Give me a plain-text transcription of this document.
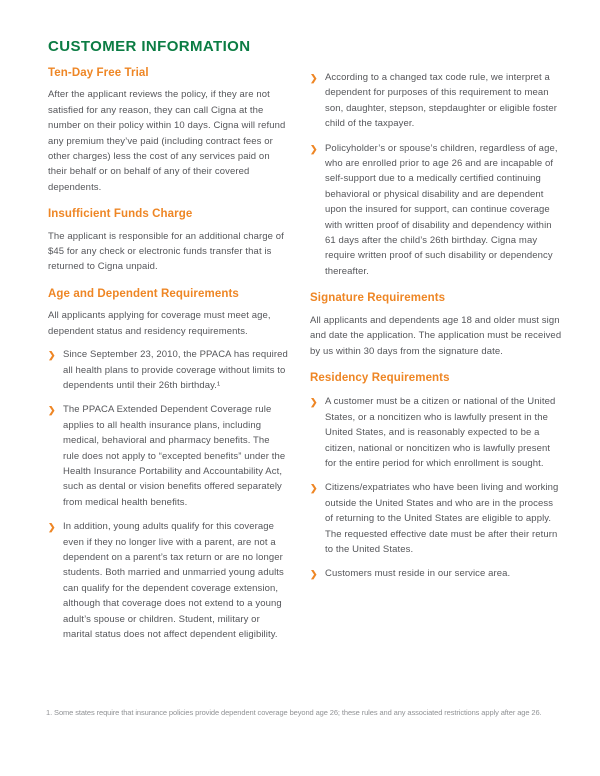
CUSTOMER INFORMATION
Ten-Day Free Trial

After the applicant reviews the policy, if they are not satisfied for any reason, they can call Cigna at the number on their policy within 10 days. Cigna will refund any premium they’ve paid (including contract fees or other charges) less the cost of any services paid on their behalf or on behalf of any of their covered dependents.

Insufficient Funds Charge

The applicant is responsible for an additional charge of $45 for any check or electronic funds transfer that is returned to Cigna unpaid.

Age and Dependent Requirements

All applicants applying for coverage must meet age, dependent status and residency requirements.

❯ Since September 23, 2010, the PPACA has required all health plans to provide coverage without limits to dependents until their 26th birthday.¹
❯ The PPACA Extended Dependent Coverage rule applies to all health insurance plans, including medical, behavioral and pharmacy benefits. The rule does not apply to “excepted benefits” under the Health Insurance Portability and Accountability Act, such as dental or vision benefits offered separately from medical health benefits.
❯ In addition, young adults qualify for this coverage even if they no longer live with a parent, are not a dependent on a parent’s tax return or are no longer students. Both married and unmarried young adults can qualify for the dependent coverage extension, although that coverage does not extend to a young adult’s spouse or children. Student, military or marital status does not affect dependent eligibility.
❯ According to a changed tax code rule, we interpret a dependent for purposes of this requirement to mean son, daughter, stepson, stepdaughter or eligible foster child of the taxpayer.
❯ Policyholder’s or spouse’s children, regardless of age, who are enrolled prior to age 26 and are incapable of self-support due to a medically certified continuing behavioral or physical disability and are dependent upon the insured for support, can continue coverage with written proof of disability and dependency within 61 days after the child’s 26th birthday. Cigna may require written proof of such disability or dependency thereafter.
Signature Requirements

All applicants and dependents age 18 and older must sign and date the application. The application must be received by us within 30 days from the signature date.

Residency Requirements
❯ A customer must be a citizen or national of the United States, or a noncitizen who is lawfully present in the United States, and is reasonably expected to be a citizen, national or noncitizen who is lawfully present for the entire period for which enrollment is sought.
❯ Citizens/expatriates who have been living and working outside the United States and who are in the process of returning to the United States are eligible to apply. The requested effective date must be after their return to the United States.
❯ Customers must reside in our service area.
1. Some states require that insurance policies provide dependent coverage beyond age 26; these rules and any associated restrictions apply after age 26.
